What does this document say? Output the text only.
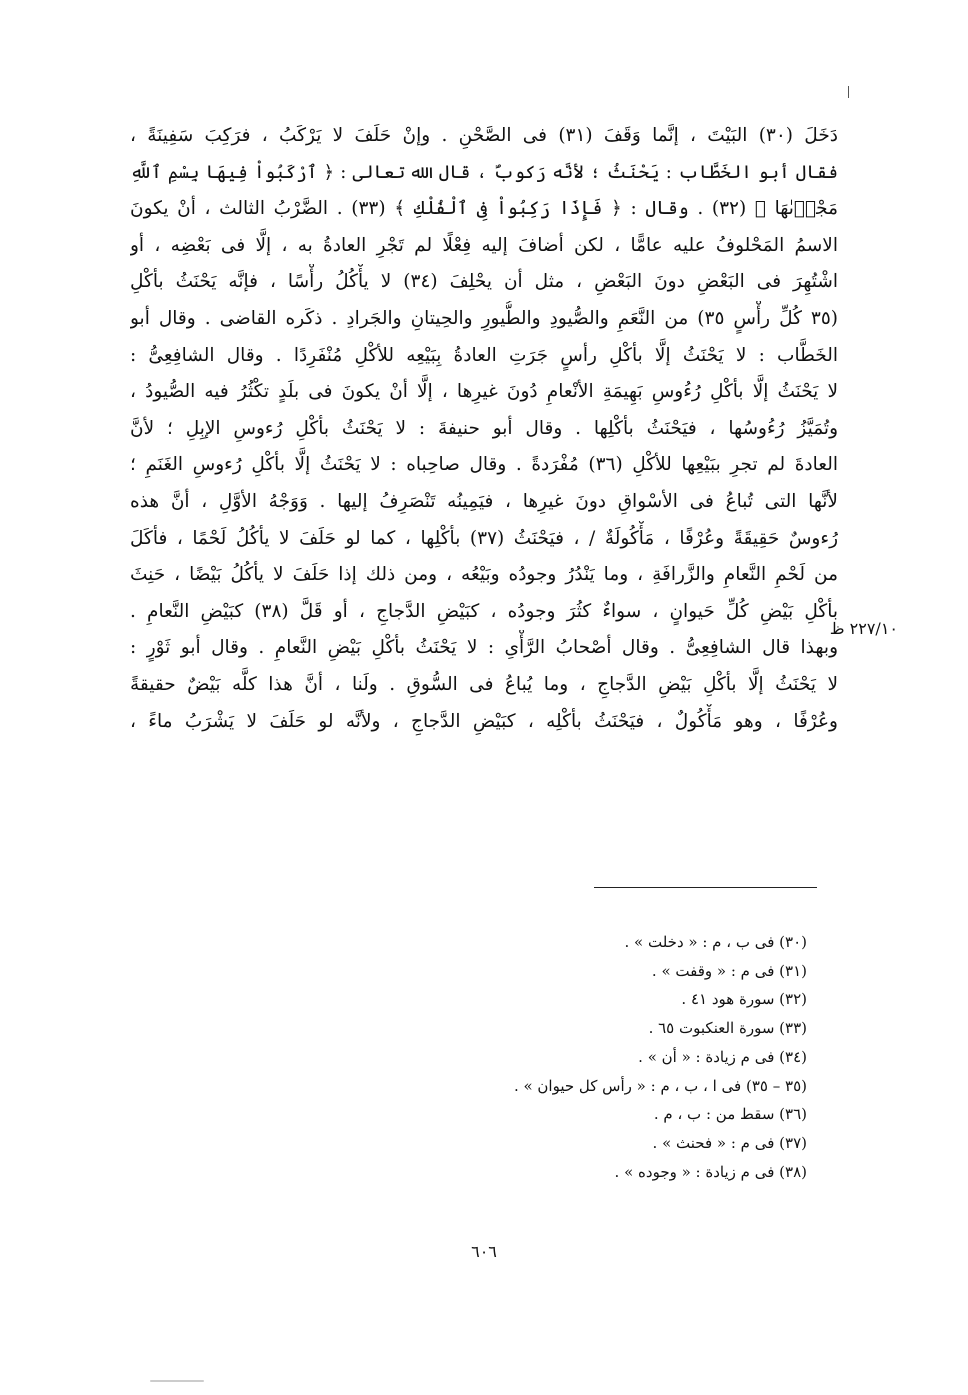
دَخَلَ (٣٠) البَيْتَ ، إنَّما وَقَفَ (٣١) فى الصَّحْنِ . وإنْ حَلَفَ لا يَرْكَبُ ، فرَكِبَ سَفِينَةً ،
فقال أبو الخَطَّاب : يَحْنَثُ ؛ لأنَّه رَكوبٌ ، قال الله تعالى : ﴿ ٱرْكَبُواْ فِيهَا بِسْمِ ٱللَّهِ
مَجْرٖىٰهَا ﴾ (٣٢) . وقال : ﴿ فَإِذَا رَكِبُواْ فِى ٱلْفُلْكِ ﴾ (٣٣) . الضَّرْبُ الثالث ، أنْ يكونَ
الاسمُ المَحْلوفُ عليه عامًّا ، لكن أضافَ إليه فِعْلًا لم تَجْرِ العادةُ به ، إلَّا فى بَعْضِه ، أو
اشْتُهِرَ فى البَعْضِ دونَ البَعْضِ ، مثل أن يحْلِفَ (٣٤) لا يأْكُلُ رأْسًا ، فإنَّه يَحْنَثُ بأكْلِ
(٣٥ كُلِّ رأْسٍ ٣٥) من النَّعَمِ والصُّيودِ والطُّيورِ والحِيتانِ والجَرادِ . ذكَره القاضى . وقال أبو
الخَطَّاب : لا يَحْنَثُ إلَّا بأكْلِ رأسٍ جَرَتِ العادةُ بِبَيْعِه للأكْلِ مُنْفَرِدًا . وقال الشافِعِىُّ :
لا يَحْنَثُ إلَّا بأكْلِ رُءُوسِ بَهِيمَةِ الأنْعامِ دُونَ غيرِها ، إلَّا أنْ يكونَ فى بلَدٍ تكْثُرُ فيه الصُّيودُ ،
وتُمَيَّزُ رُءُوسُها ، فيَحْنَثُ بأكْلِها . وقال أبو حنيفةَ : لا يَحْنَثُ بأكْلِ رُءوسِ الإبِلِ ؛ لأنَّ
العادةَ لم تجرِ ببَيْعِها للأكْلِ (٣٦) مُفْرَدةً . وقال صاحِباه : لا يَحْنَثُ إلَّا بأكْلِ رُءوسِ الغَنَمِ ؛
لأنَّها التى تُباعُ فى الأسْواقِ دونَ غيرِها ، فيَمِينُه تَنْصَرِفُ إليها . وَوَجْهُ الأوَّلِ ، أنَّ هذه
رُءوسٌ حَقِيقَةً وعُرْفًا ، مَأْكُولَةٌ / ، فيَحْنَثُ (٣٧) بأكْلِها ، كما لو حَلَفَ لا يأكُلُ لَحْمًا ، فأكَلَ
من لَحْمِ النَّعامِ والزَّرافَةِ ، وما يَنْدُرُ وجودُه وبَيْعُه ، ومن ذلك إذا حَلَفَ لا يأكُلُ بَيْضًا ، حَنِثَ
بأكْلِ بَيْضِ كُلِّ حَيوانٍ ، سواءٌ كثُرَ وجودُه ، كبَيْضِ الدَّجاجِ ، أو قَلَّ (٣٨) كبَيْضِ النَّعامِ .
وبهذا قال الشافِعِىُّ . وقال أصْحابُ الرَّأْىِ : لا يَحْنَثُ بأكْلِ بَيْضِ النَّعامِ . وقال أبو ثَوْرٍ :
لا يَحْنَثُ إلَّا بأكْلِ بَيْضِ الدَّجاجِ ، وما يُباعُ فى السُّوقِ . ولَنا ، أنَّ هذا كلَّه بَيْضٌ حقيقةً
وعُرْفًا ، وهو مَأْكُولٌ ، فيَحْنَثُ بأكْلِه ، كبَيْضِ الدَّجاجِ ، ولأنَّه لو حَلَفَ لا يَشْرَبُ ماءً ،
٢٢٧/١٠ ظ
(٣٠) فى ب ، م : « دخلت » .
(٣١) فى م : « وقفت » .
(٣٢) سورة هود ٤١ .
(٣٣) سورة العنكبوت ٦٥ .
(٣٤) فى م زيادة : « أن » .
(٣٥ – ٣٥) فى ا ، ب ، م : « رأس كل حيوان » .
(٣٦) سقط من : ب ، م .
(٣٧) فى م : « فحنث » .
(٣٨) فى م زيادة : « وجوده » .
٦٠٦
